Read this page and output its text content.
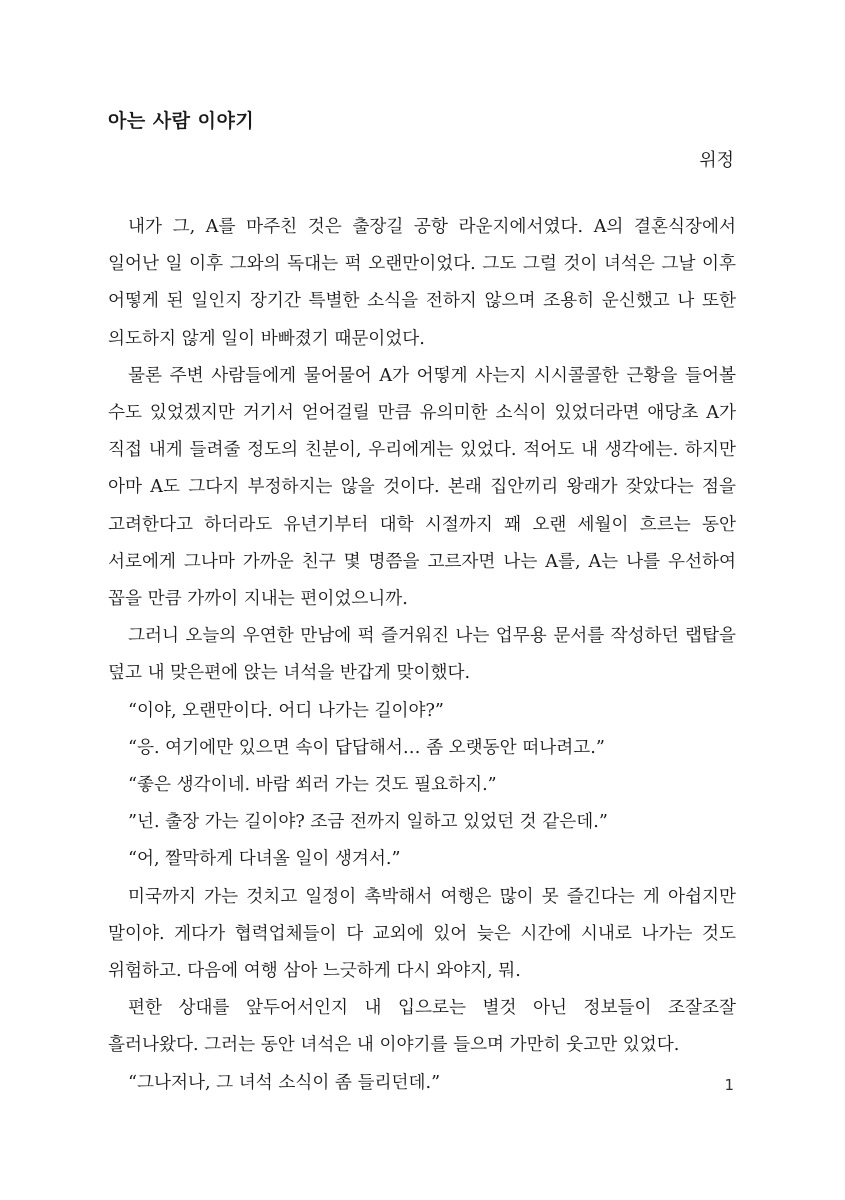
아는 사람 이야기

위정

내가 그, A를 마주친 것은 출장길 공항 라운지에서였다. A의 결혼식장에서 일어난 일 이후 그와의 독대는 퍽 오랜만이었다. 그도 그럴 것이 녀석은 그날 이후 어떻게 된 일인지 장기간 특별한 소식을 전하지 않으며 조용히 운신했고 나 또한 의도하지 않게 일이 바빠졌기 때문이었다.

물론 주변 사람들에게 물어물어 A가 어떻게 사는지 시시콜콜한 근황을 들어볼 수도 있었겠지만 거기서 얻어걸릴 만큼 유의미한 소식이 있었더라면 애당초 A가 직접 내게 들려줄 정도의 친분이, 우리에게는 있었다. 적어도 내 생각에는. 하지만 아마 A도 그다지 부정하지는 않을 것이다. 본래 집안끼리 왕래가 잦았다는 점을 고려한다고 하더라도 유년기부터 대학 시절까지 꽤 오랜 세월이 흐르는 동안 서로에게 그나마 가까운 친구 몇 명쯤을 고르자면 나는 A를, A는 나를 우선하여 꼽을 만큼 가까이 지내는 편이었으니까.

그러니 오늘의 우연한 만남에 퍽 즐거워진 나는 업무용 문서를 작성하던 랩탑을 덮고 내 맞은편에 앉는 녀석을 반갑게 맞이했다.

“이야, 오랜만이다. 어디 나가는 길이야?”

“응. 여기에만 있으면 속이 답답해서… 좀 오랫동안 떠나려고.”

“좋은 생각이네. 바람 쐬러 가는 것도 필요하지.”

”넌. 출장 가는 길이야? 조금 전까지 일하고 있었던 것 같은데.”

“어, 짤막하게 다녀올 일이 생겨서.”

미국까지 가는 것치고 일정이 촉박해서 여행은 많이 못 즐긴다는 게 아쉽지만 말이야. 게다가 협력업체들이 다 교외에 있어 늦은 시간에 시내로 나가는 것도 위험하고. 다음에 여행 삼아 느긋하게 다시 와야지, 뭐.

편한 상대를 앞두어서인지 내 입으로는 별것 아닌 정보들이 조잘조잘 흘러나왔다. 그러는 동안 녀석은 내 이야기를 들으며 가만히 웃고만 있었다.

“그나저나, 그 녀석 소식이 좀 들리던데.”	1
